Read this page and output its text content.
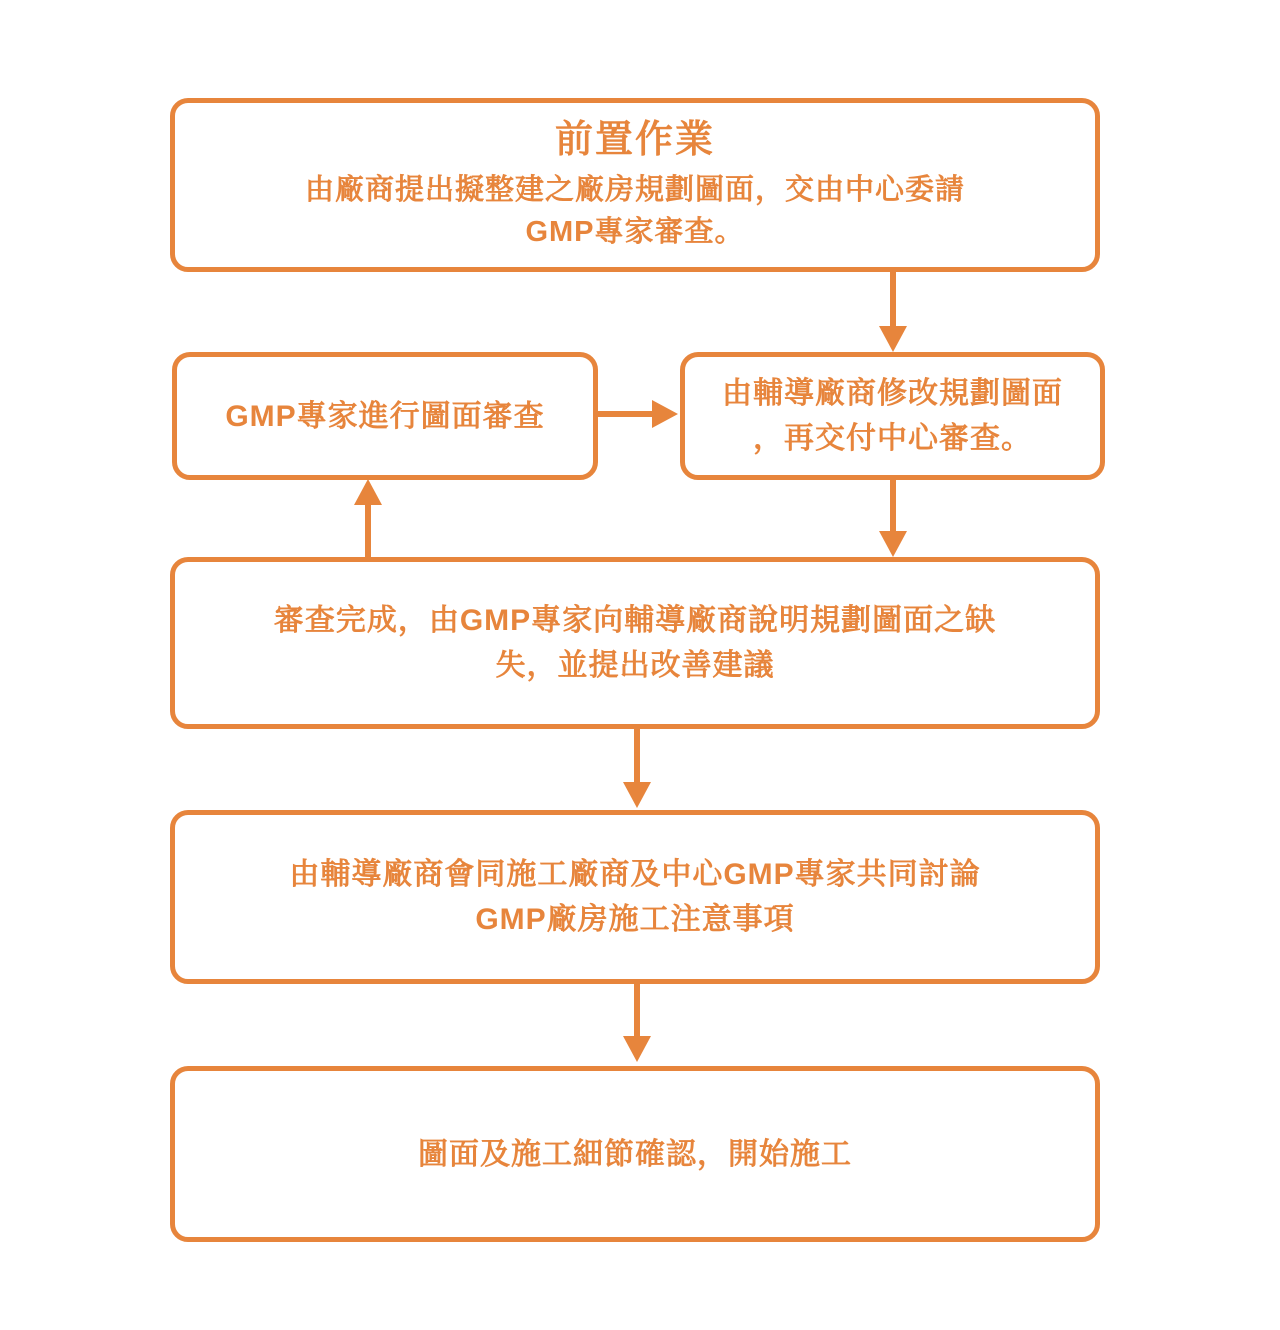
前置作業
由廠商提出擬整建之廠房規劃圖面，交由中心委請
GMP專家審查。
GMP專家進行圖面審查
由輔導廠商修改規劃圖面
，再交付中心審查。
審查完成，由GMP專家向輔導廠商說明規劃圖面之缺
失，並提出改善建議
由輔導廠商會同施工廠商及中心GMP專家共同討論
GMP廠房施工注意事項
圖面及施工細節確認，開始施工
